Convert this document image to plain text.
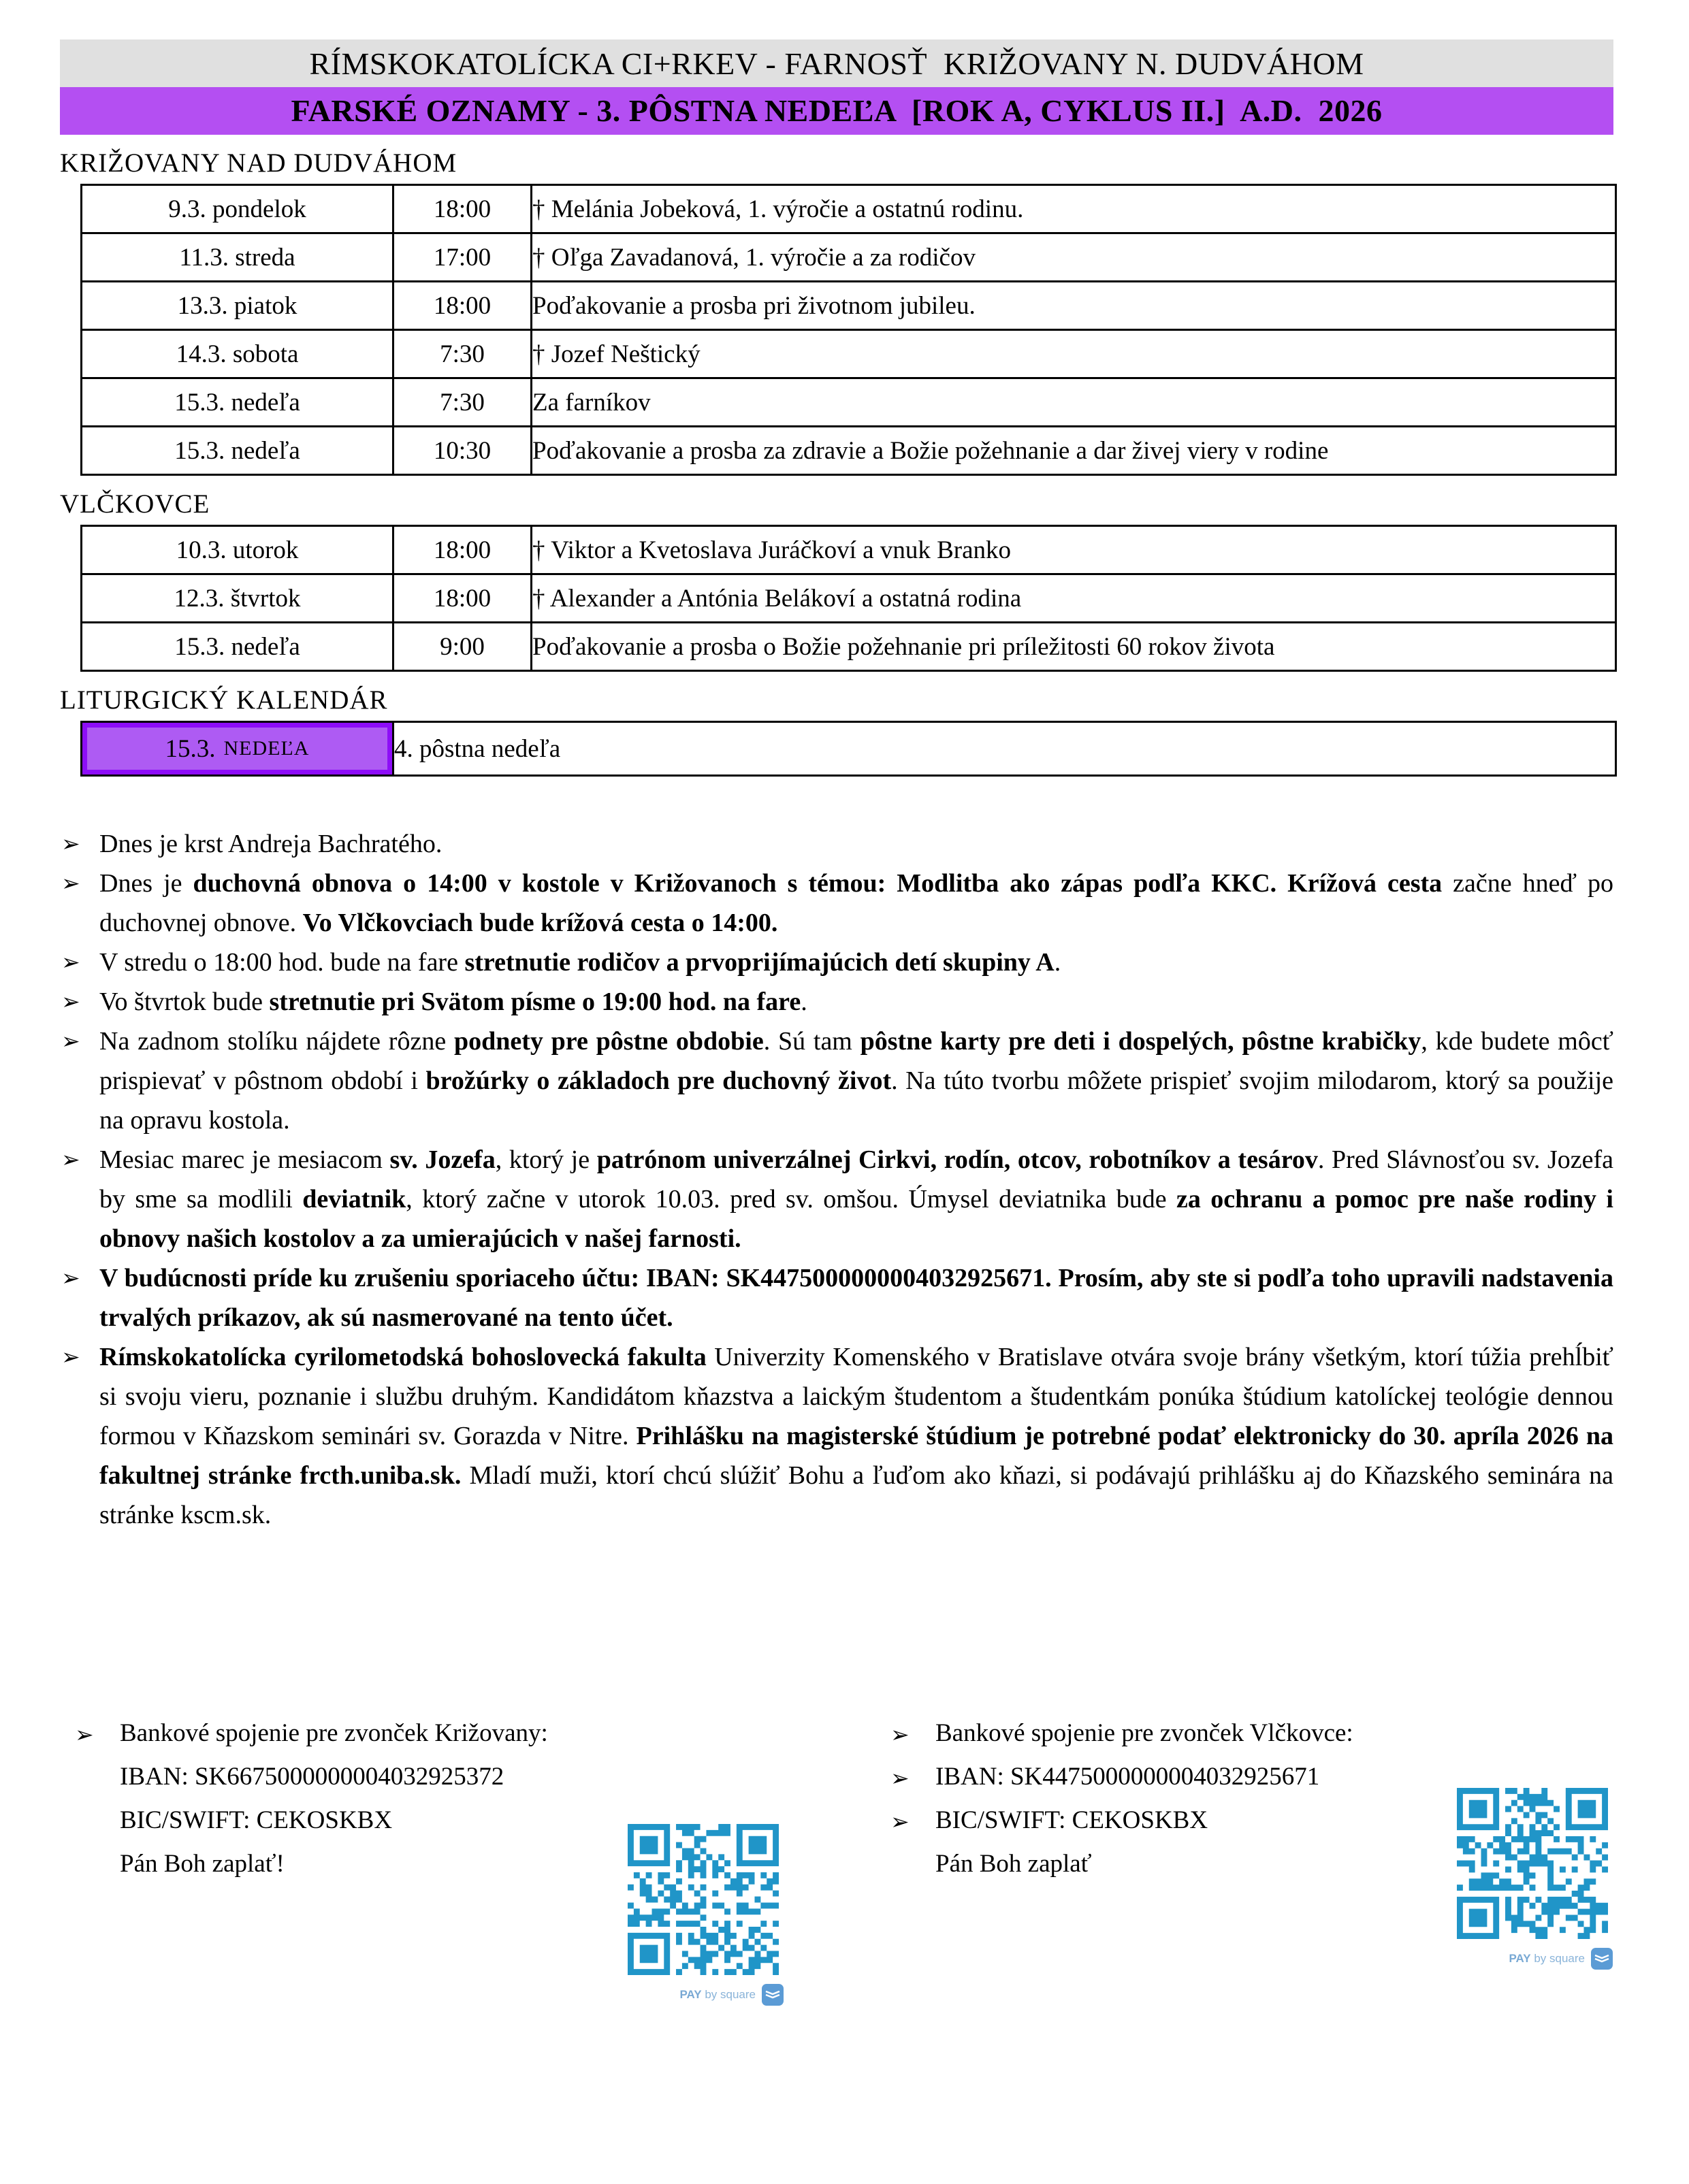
RÍMSKOKATOLÍCKA CI+RKEV - FARNOSŤ  KRIŽOVANY N. DUDVÁHOM
FARSKÉ OZNAMY - 3. PÔSTNA NEDEĽA  [ROK A, CYKLUS II.]  A.D.  2026
KRIŽOVANY NAD DUDVÁHOM
9.3. pondelok	18:00	† Melánia Jobeková, 1. výročie a ostatnú rodinu.
11.3. streda	17:00	† Oľga Zavadanová, 1. výročie a za rodičov
13.3. piatok	18:00	Poďakovanie a prosba pri životnom jubileu.
14.3. sobota	7:30	† Jozef Neštický
15.3. nedeľa	7:30	Za farníkov
15.3. nedeľa	10:30	Poďakovanie a prosba za zdravie a Božie požehnanie a dar živej viery v rodine
VLČKOVCE
10.3. utorok	18:00	† Viktor a Kvetoslava Juráčkoví a vnuk Branko
12.3. štvrtok	18:00	† Alexander a Antónia Belákoví a ostatná rodina
15.3. nedeľa	9:00	Poďakovanie a prosba o Božie požehnanie pri príležitosti 60 rokov života
LITURGICKÝ KALENDÁR
15.3. NEDEĽA	4. pôstna nedeľa
➢ Dnes je krst Andreja Bachratého.
➢ Dnes je duchovná obnova o 14:00 v kostole v Križovanoch s témou: Modlitba ako zápas podľa KKC. Krížová cesta začne hneď po duchovnej obnove. Vo Vlčkovciach bude krížová cesta o 14:00.
➢ V stredu o 18:00 hod. bude na fare stretnutie rodičov a prvoprijímajúcich detí skupiny A.
➢ Vo štvrtok bude stretnutie pri Svätom písme o 19:00 hod. na fare.
➢ Na zadnom stolíku nájdete rôzne podnety pre pôstne obdobie. Sú tam pôstne karty pre deti i dospelých, pôstne krabičky, kde budete môcť prispievať v pôstnom období i brožúrky o základoch pre duchovný život. Na túto tvorbu môžete prispieť svojim milodarom, ktorý sa použije na opravu kostola.
➢ Mesiac marec je mesiacom sv. Jozefa, ktorý je patrónom univerzálnej Cirkvi, rodín, otcov, robotníkov a tesárov. Pred Slávnosťou sv. Jozefa by sme sa modlili deviatnik, ktorý začne v utorok 10.03. pred sv. omšou. Úmysel deviatnika bude za ochranu a pomoc pre naše rodiny i obnovy našich kostolov a za umierajúcich v našej farnosti.
➢ V budúcnosti príde ku zrušeniu sporiaceho účtu: IBAN: SK4475000000004032925671. Prosím, aby ste si podľa toho upravili nadstavenia trvalých príkazov, ak sú nasmerované na tento účet.
➢ Rímskokatolícka cyrilometodská bohoslovecká fakulta Univerzity Komenského v Bratislave otvára svoje brány všetkým, ktorí túžia prehĺbiť si svoju vieru, poznanie i službu druhým. Kandidátom kňazstva a laickým študentom a študentkám ponúka štúdium katolíckej teológie dennou formou v Kňazskom seminári sv. Gorazda v Nitre. Prihlášku na magisterské štúdium je potrebné podať elektronicky do 30. apríla 2026 na fakultnej stránke frcth.uniba.sk. Mladí muži, ktorí chcú slúžiť Bohu a ľuďom ako kňazi, si podávajú prihlášku aj do Kňazského seminára na stránke kscm.sk.
➢ Bankové spojenie pre zvonček Križovany:
IBAN: SK6675000000004032925372
BIC/SWIFT: CEKOSKBX
Pán Boh zaplať!
➢ Bankové spojenie pre zvonček Vlčkovce:
➢ IBAN: SK4475000000004032925671
➢ BIC/SWIFT: CEKOSKBX
Pán Boh zaplať
PAY by square
PAY by square
